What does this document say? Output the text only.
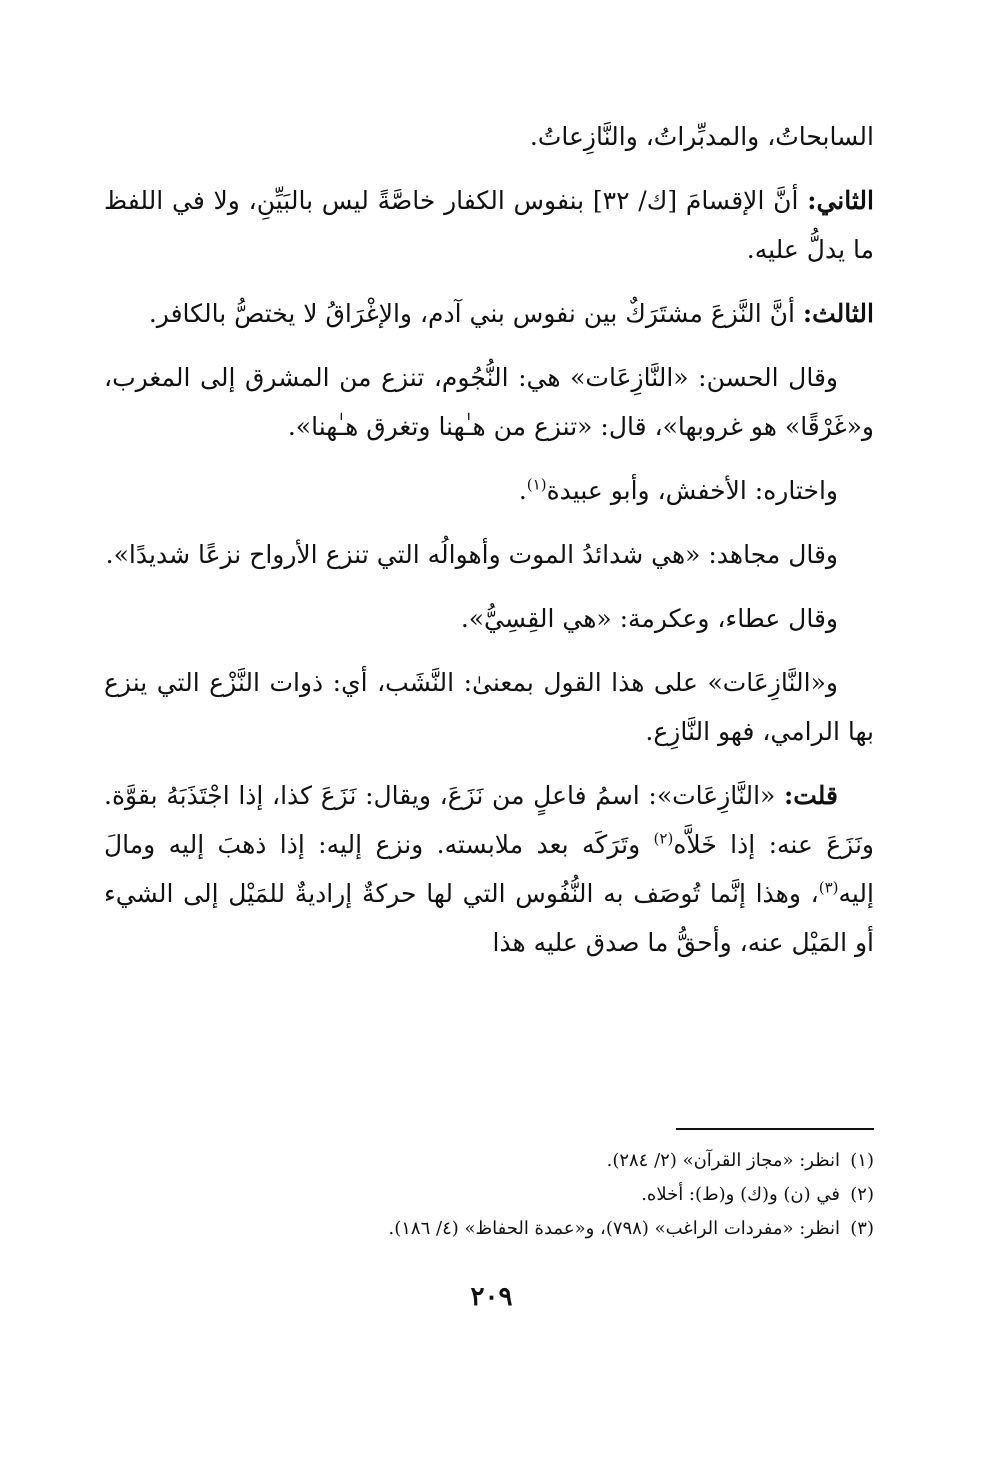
السابحاتُ، والمدبِّراتُ، والنَّازِعاتُ.

الثاني: أنَّ الإقسامَ [ك/ ٣٢] بنفوس الكفار خاصَّةً ليس بالبَيِّنِ، ولا في اللفظ ما يدلُّ عليه.

الثالث: أنَّ النَّزعَ مشتَرَكٌ بين نفوس بني آدم، والإغْرَاقُ لا يختصُّ بالكافر.

وقال الحسن: «النَّازِعَات» هي: النُّجُوم، تنزع من المشرق إلى المغرب، و«غَرْقًا» هو غروبها»، قال: «تنزع من هـٰهنا وتغرق هـٰهنا».

واختاره: الأخفش، وأبو عبيدة$^{(١)}$.

وقال مجاهد: «هي شدائدُ الموت وأهوالُه التي تنزع الأرواح نزعًا شديدًا».

وقال عطاء، وعكرمة: «هي القِسِيُّ».

و«النَّازِعَات» على هذا القول بمعنىٰ: النَّشَب، أي: ذوات النَّزْع التي ينزع بها الرامي، فهو النَّازِع.

قلت: «النَّازِعَات»: اسمُ فاعلٍ من نَزَعَ، ويقال: نَزَعَ كذا، إذا اجْتَذَبَهُ بقوَّة. ونَزَعَ عنه: إذا خَلاَّه$^{(٢)}$ وتَرَكَه بعد ملابسته. ونزع إليه: إذا ذهبَ إليه ومالَ إليه$^{(٣)}$، وهذا إنَّما تُوصَف به النُّفُوس التي لها حركةٌ إراديةٌ للمَيْل إلى الشيء أو المَيْل عنه، وأحقُّ ما صدق عليه هذا

(١)انظر: «مجاز القرآن» (٢/ ٢٨٤).
(٢)في (ن) و(ك) و(ط): أخلاه.
(٣)انظر: «مفردات الراغب» (٧٩٨)، و«عمدة الحفاظ» (٤/ ١٨٦).
٢٠٩
